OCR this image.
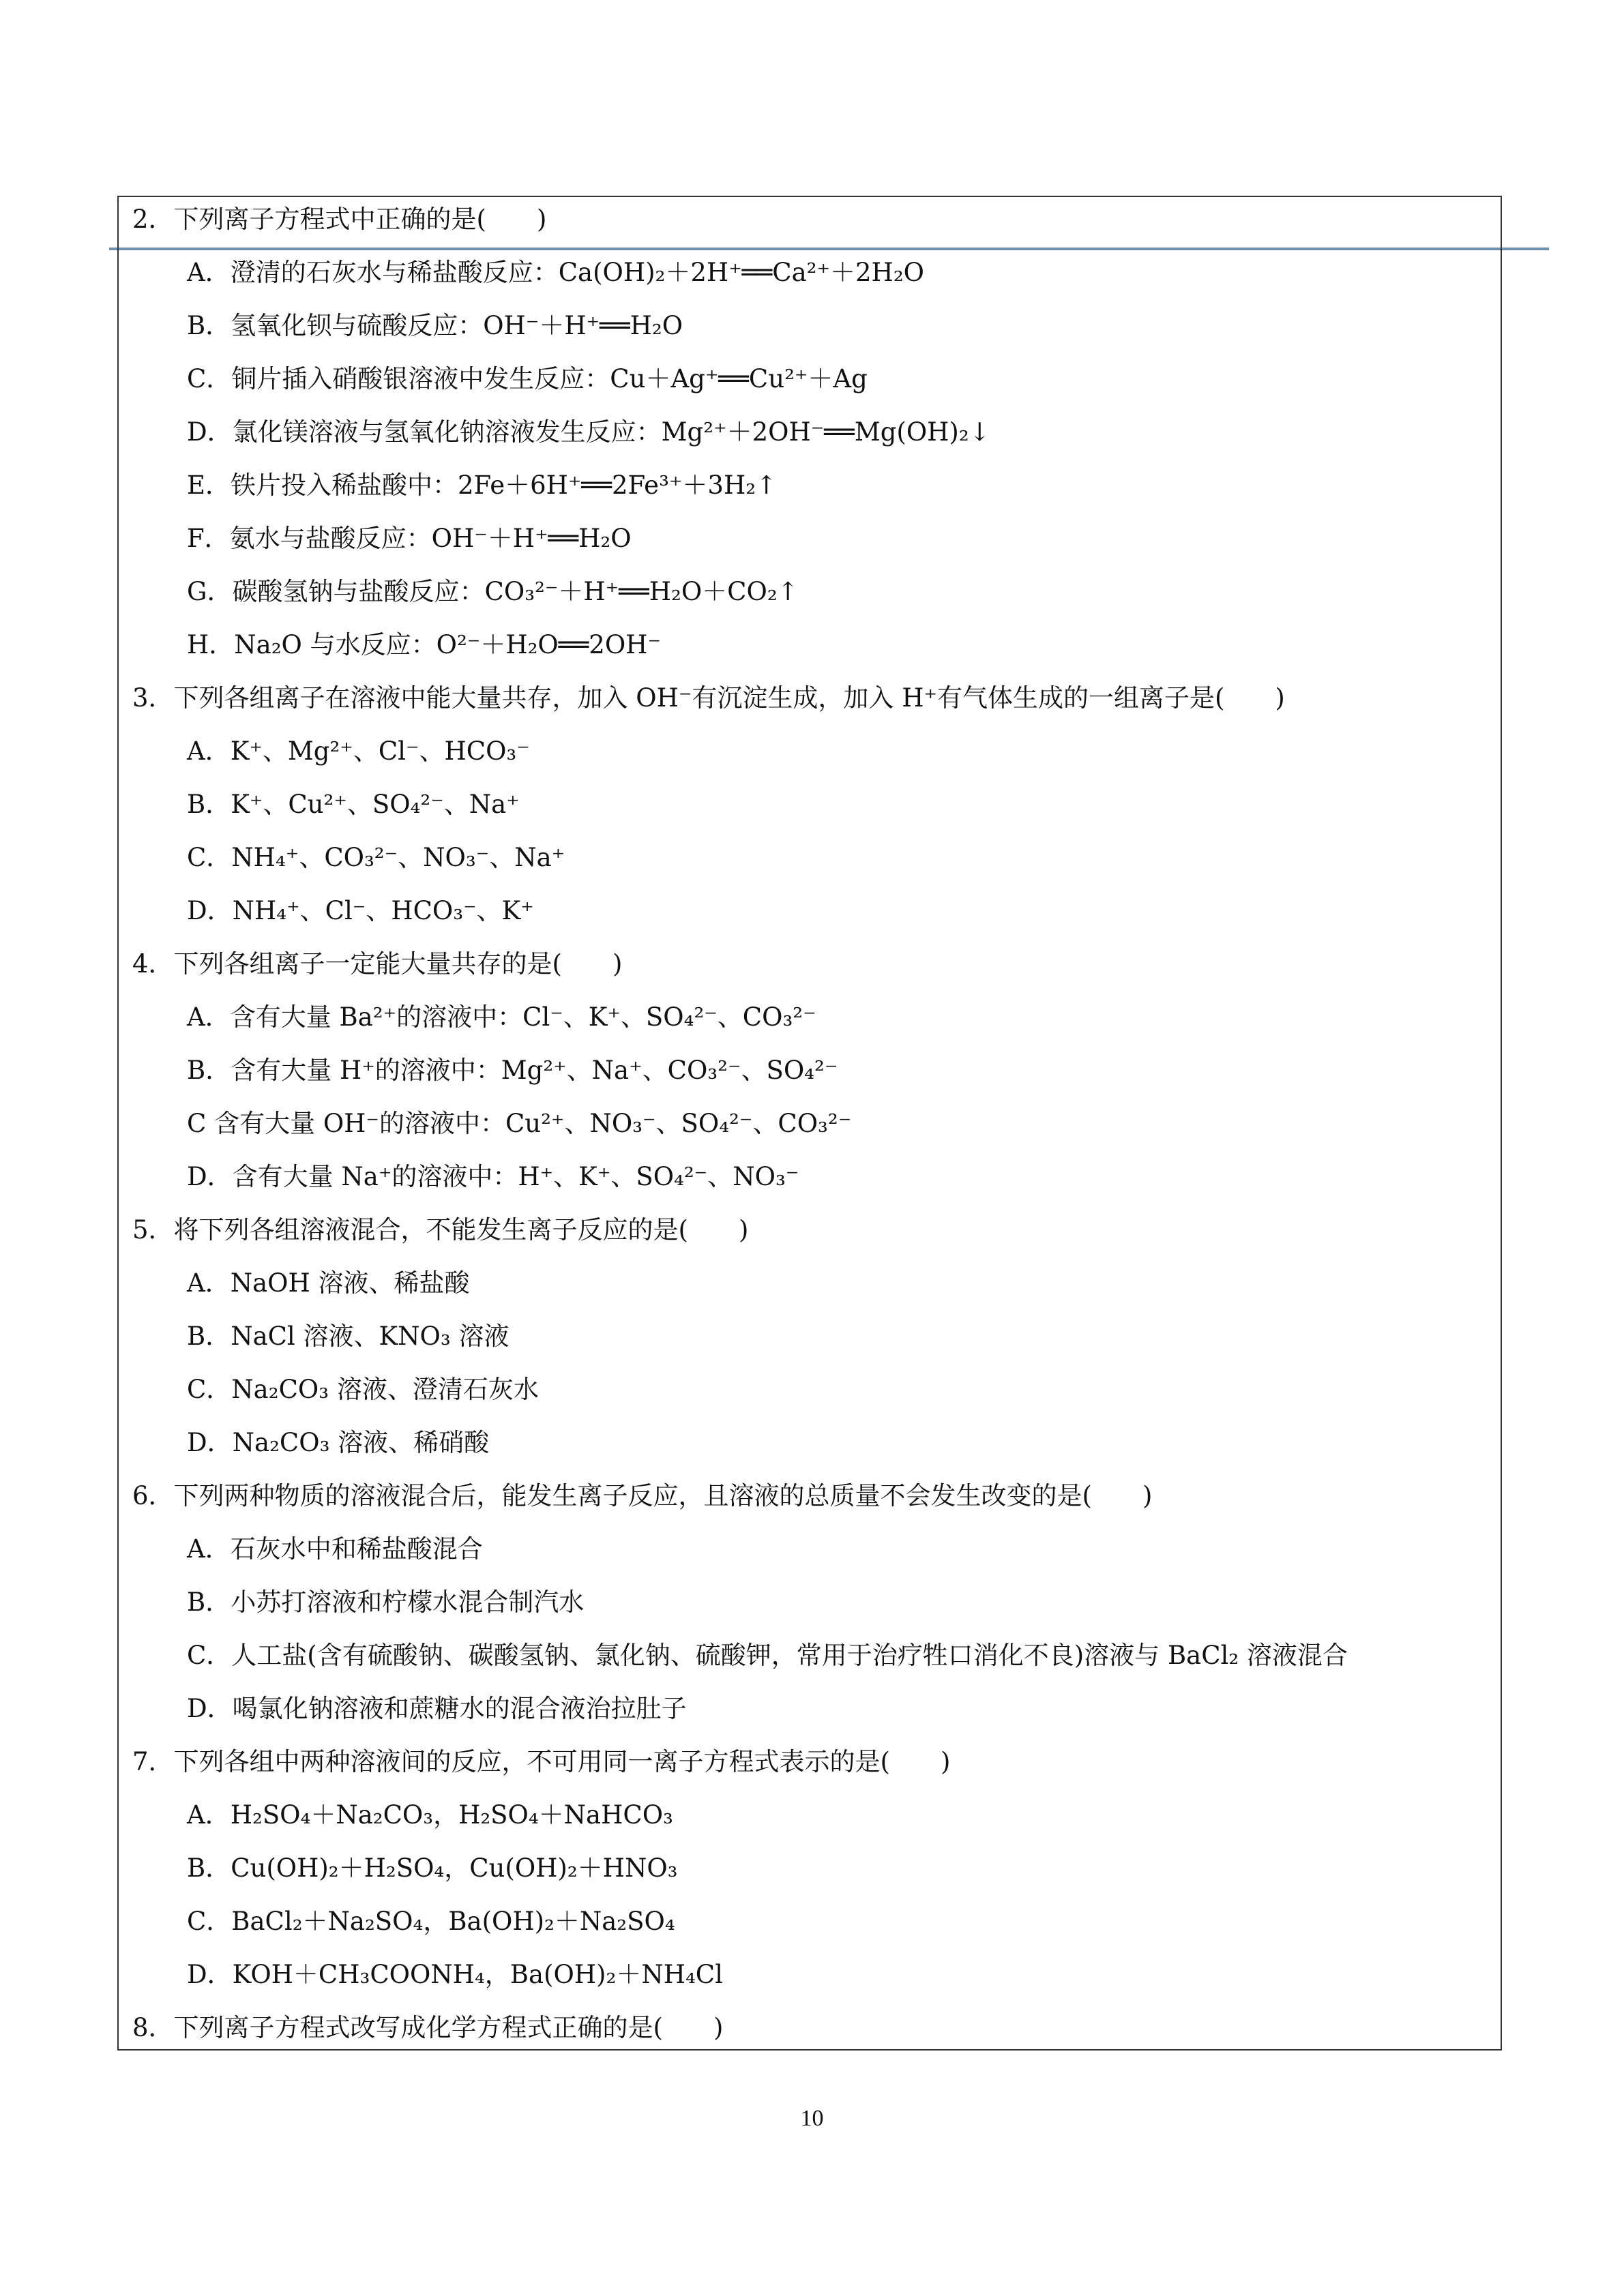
2．下列离子方程式中正确的是(　　)
A．澄清的石灰水与稀盐酸反应：Ca(OH)₂＋2H⁺══Ca²⁺＋2H₂O
B．氢氧化钡与硫酸反应：OH⁻＋H⁺══H₂O
C．铜片插入硝酸银溶液中发生反应：Cu＋Ag⁺══Cu²⁺＋Ag
D．氯化镁溶液与氢氧化钠溶液发生反应：Mg²⁺＋2OH⁻══Mg(OH)₂↓
E．铁片投入稀盐酸中：2Fe＋6H⁺══2Fe³⁺＋3H₂↑
F．氨水与盐酸反应：OH⁻＋H⁺══H₂O
G．碳酸氢钠与盐酸反应：CO₃²⁻＋H⁺══H₂O＋CO₂↑
H．Na₂O 与水反应：O²⁻＋H₂O══2OH⁻
3．下列各组离子在溶液中能大量共存，加入 OH⁻有沉淀生成，加入 H⁺有气体生成的一组离子是(　　)
A．K⁺、Mg²⁺、Cl⁻、HCO₃⁻
B．K⁺、Cu²⁺、SO₄²⁻、Na⁺
C．NH₄⁺、CO₃²⁻、NO₃⁻、Na⁺
D．NH₄⁺、Cl⁻、HCO₃⁻、K⁺
4．下列各组离子一定能大量共存的是(　　)
A．含有大量 Ba²⁺的溶液中：Cl⁻、K⁺、SO₄²⁻、CO₃²⁻
B．含有大量 H⁺的溶液中：Mg²⁺、Na⁺、CO₃²⁻、SO₄²⁻
C 含有大量 OH⁻的溶液中：Cu²⁺、NO₃⁻、SO₄²⁻、CO₃²⁻
D．含有大量 Na⁺的溶液中：H⁺、K⁺、SO₄²⁻、NO₃⁻
5．将下列各组溶液混合，不能发生离子反应的是(　　)
A．NaOH 溶液、稀盐酸
B．NaCl 溶液、KNO₃ 溶液
C．Na₂CO₃ 溶液、澄清石灰水
D．Na₂CO₃ 溶液、稀硝酸
6．下列两种物质的溶液混合后，能发生离子反应，且溶液的总质量不会发生改变的是(　　)
A．石灰水中和稀盐酸混合
B．小苏打溶液和柠檬水混合制汽水
C．人工盐(含有硫酸钠、碳酸氢钠、氯化钠、硫酸钾，常用于治疗牲口消化不良)溶液与 BaCl₂ 溶液混合
D．喝氯化钠溶液和蔗糖水的混合液治拉肚子
7．下列各组中两种溶液间的反应，不可用同一离子方程式表示的是(　　)
A．H₂SO₄＋Na₂CO₃，H₂SO₄＋NaHCO₃
B．Cu(OH)₂＋H₂SO₄，Cu(OH)₂＋HNO₃
C．BaCl₂＋Na₂SO₄，Ba(OH)₂＋Na₂SO₄
D．KOH＋CH₃COONH₄，Ba(OH)₂＋NH₄Cl
8．下列离子方程式改写成化学方程式正确的是(　　)
10
